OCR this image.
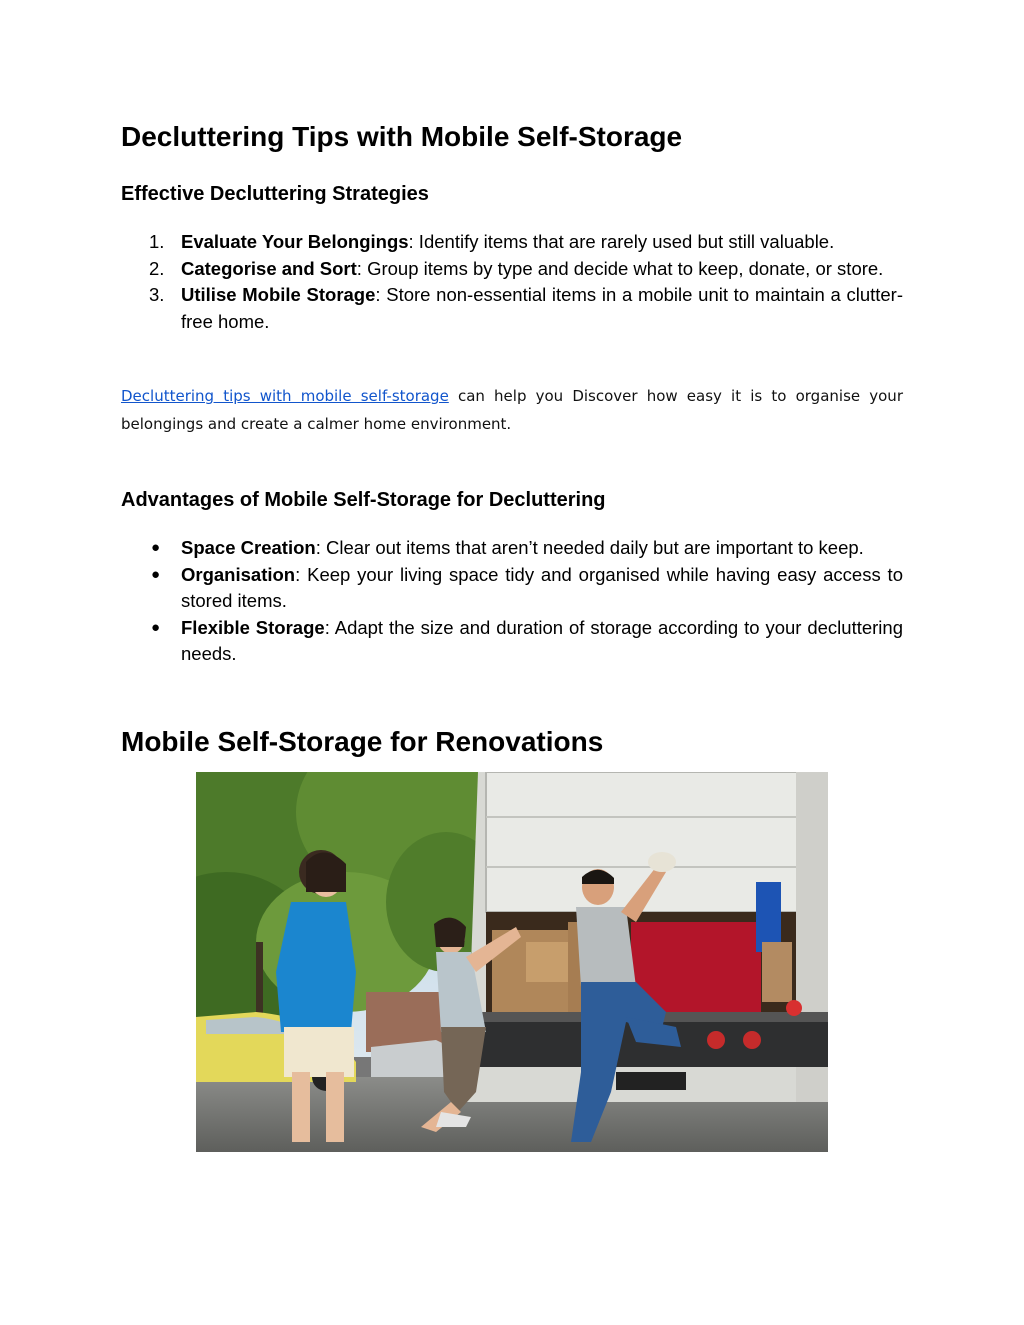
Decluttering Tips with Mobile Self-Storage
Effective Decluttering Strategies
1. Evaluate Your Belongings: Identify items that are rarely used but still valuable.
2. Categorise and Sort: Group items by type and decide what to keep, donate, or store.
3. Utilise Mobile Storage: Store non-essential items in a mobile unit to maintain a clutter-free home.

Decluttering tips with mobile self-storage can help you Discover how easy it is to organise your belongings and create a calmer home environment.

Advantages of Mobile Self-Storage for Decluttering
●	Space Creation: Clear out items that aren’t needed daily but are important to keep.
●	Organisation: Keep your living space tidy and organised while having easy access to stored items.
●	Flexible Storage: Adapt the size and duration of storage according to your decluttering needs.
Mobile Self-Storage for Renovations
